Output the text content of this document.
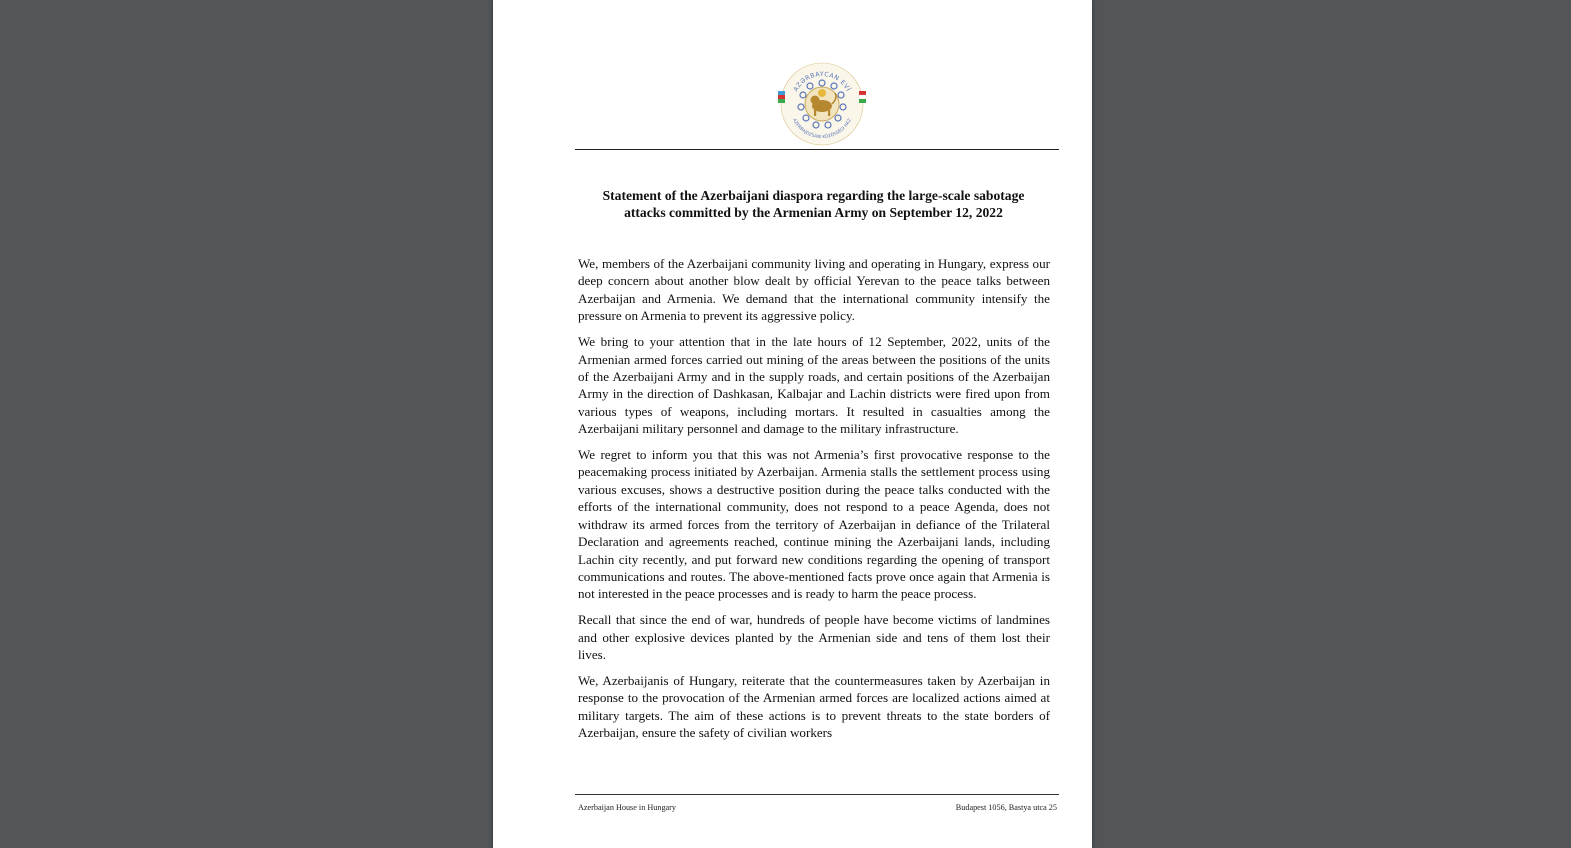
AZƏRBAYCAN EVİ
AZERBAJDZSÁNI KÖZÖSSÉGI HÁZ
Statement of the Azerbaijani diaspora regarding the large-scale sabotage
attacks committed by the Armenian Army on September 12, 2022

We, members of the Azerbaijani community living and operating in Hungary, express our deep concern about another blow dealt by official Yerevan to the peace talks between Azerbaijan and Armenia. We demand that the international community intensify the pressure on Armenia to prevent its aggressive policy.

We bring to your attention that in the late hours of 12 September, 2022, units of the Armenian armed forces carried out mining of the areas between the positions of the units of the Azerbaijani Army and in the supply roads, and certain positions of the Azerbaijan Army in the direction of Dashkasan, Kalbajar and Lachin districts were fired upon from various types of weapons, including mortars. It resulted in casualties among the Azerbaijani military personnel and damage to the military infrastructure.

We regret to inform you that this was not Armenia’s first provocative response to the peacemaking process initiated by Azerbaijan. Armenia stalls the settlement process using various excuses, shows a destructive position during the peace talks conducted with the efforts of the international community, does not respond to a peace Agenda, does not withdraw its armed forces from the territory of Azerbaijan in defiance of the Trilateral Declaration and agreements reached, continue mining the Azerbaijani lands, including Lachin city recently, and put forward new conditions regarding the opening of transport communications and routes. The above-mentioned facts prove once again that Armenia is not interested in the peace processes and is ready to harm the peace process.

Recall that since the end of war, hundreds of people have become victims of landmines and other explosive devices planted by the Armenian side and tens of them lost their lives.

We, Azerbaijanis of Hungary, reiterate that the countermeasures taken by Azerbaijan in response to the provocation of the Armenian armed forces are localized actions aimed at military targets. The aim of these actions is to prevent threats to the state borders of Azerbaijan, ensure the safety of civilian workers

Azerbaijan House in Hungary	Budapest 1056, Bastya utca 25
